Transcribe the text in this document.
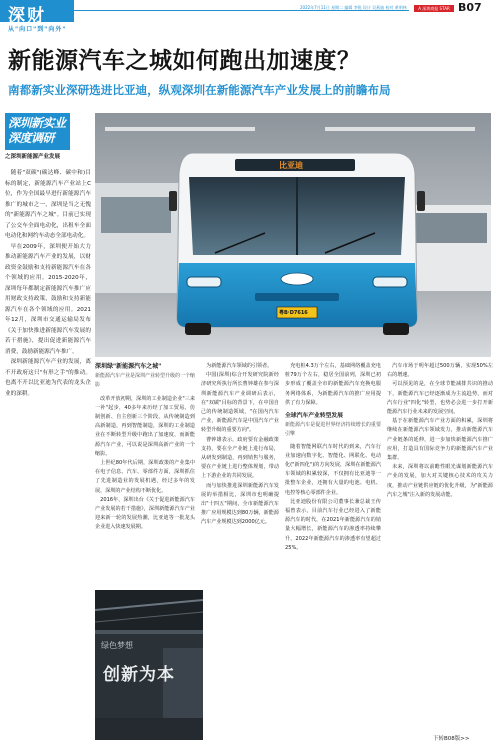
深财
从"向口"到"向外"
2022年7月11日 星期二 编辑 李锐 设计 吴燕迪 校对 黄明林	A 深圳商报 STAR B07
新能源汽车之城如何跑出加速度？
南都新实业深研选进比亚迪，纵观深圳在新能源汽车产业发展上的前瞻布局
深圳新实业
深度调研
之深圳新能源产业发展

随着"双碳"(碳达峰、碳中和)目标的制定，新能源汽车产业站上C位，作为全国最早进行新能源汽车推广的城市之一，深圳是当之无愧的"新能源汽车之城"。目前已实现了公交车全面电动化，出租车全面电动化和网约车动态全部电动化。

早在2009年，深圳便开始大力推动新能源汽车产业的发展，以财政资金鼓励和支持新能源汽车在各个领域的应用。2015-2020年，深圳每年都制定新能源汽车推广应用财政支持政策，鼓励和支持新能源汽车在各个领域的应用。2021年12月，深圳市交通运输局发布《关于加快推进新能源汽车发展的若干措施》，提出促进新能源汽车消费，鼓励新能源汽车推广。

深圳新能源汽车产业的发展，离不开政府这只"有形之手"的推动。也离不开以比亚迪为代表的龙头企业的深耕。

比亚迪
粤B·D7616
创新为本
绿色梦想

深圳绿"新能源汽车之城"

新能源汽车产业是深圳产业转型升级的一个缩影

改革开放初期，深圳的工业制造企业"三来一补"起步，40多年来历经了加工贸易、仿制创新、自主创新三个阶段，从传统制造到高新制造，再到智能制造，深圳的工业制造业在不断转型升级中跑出了加速度，而新能源汽车产业，可以说是深圳高新产业的一个缩影。

上世纪80年代后期，深圳政策的产业集中在电子信息、汽车、零部件方面，深圳抓住了先进制造业的发展机遇，经过多年的发展，深圳的产业结构不断优化。

2016年，深圳出台《关于促进新能源汽车产业发展的若干措施》，深圳新能源汽车产业迎来新一轮的发展热潮，比亚迪等一批龙头企业进入快速发展期。

为新能源汽车领域的引领者。

中国(深圳)综合开发研究院新经济研究所执行所长曹钟雄在参与深圳新能源汽车产业调研后表示，在"双碳"目标的背景下，在中国自己的传统制造领域，"在国内汽车产业，新能源汽车是中国汽车产业转型升级的重要方向"。

曹钟雄表示，政府要有金融政策支持，要在全产业链上进行布局，从研发到制造，再到销售与服务，要在产业链上进行整体规划，带动上下游企业的共同发展。

而与加快推进深圳新能源汽车发展的举措相比，深圳市也明确提出"十四五"期间，全市新能源汽车推广应用规模达到80万辆，新能源汽车产业规模达到2000亿元。

充电桩4.3万个左右，基础网络覆盖充电桩79万个左右，稳居全国前列，深圳已初步形成了覆盖全市的新能源汽车充换电服务网络体系，为新能源汽车的推广应用提供了有力保障。

全球汽车产业转型发展

新能源汽车是促进世界经济持续增长的重要引擎

随着智能网联汽车时代的到来，汽车行业加速向数字化、智能化、网联化、电动化("新四化")的方向发展，深圳在新能源汽车领域的积累较深，不仅拥有比亚迪等一批整车企业，还拥有大量的电池、电机、电控等核心零部件企业。

比亚迪股份有限公司董事长兼总裁王传福曾表示，目前汽车行业已经进入了新能源汽车的时代，在2021年新能源汽车的销量大幅增长，新能源汽车的渗透率持续攀升，2022年新能源汽车的渗透率有望超过25%。

汽车市场于明年超过500万辆，实现50%左右的增速。

可以预见的是，在全球节能减排共识的推动下，新能源汽车已经逐渐成为主流趋势，而对汽车行业"四化"转型，也势必会进一步打开新能源汽车行业未来的发展空间。

基于在新能源汽车产业方面的积累，深圳将继续在新能源汽车领域发力，推动新能源汽车产业链条的延伸，进一步加快新能源汽车推广应用，打造具有国际竞争力的新能源汽车产业集群。

未来，深圳将以前瞻性眼光谋划新能源汽车产业的发展，加大对关键核心技术的攻关力度，推动产业链供应链的优化升级，为"新能源汽车之城"注入新的发展动能。

下转B08版>>
